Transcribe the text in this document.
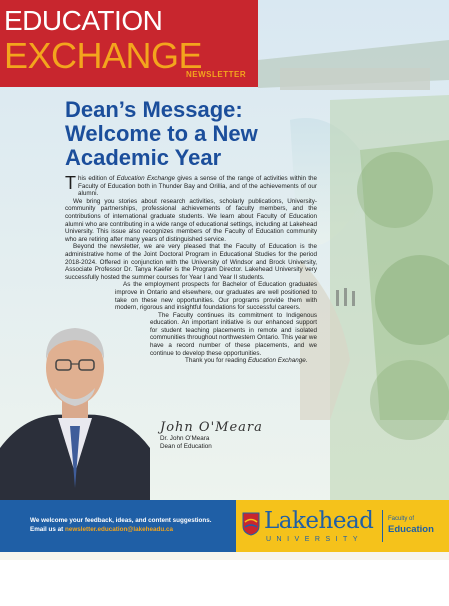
EDUCATION
EXCHANGE
NEWSLETTER
Dean’s Message:
Welcome to a New
Academic Year

This edition of Education Exchange gives a sense of the range of activities within the Faculty of Education both in Thunder Bay and Orillia, and of the achievements of our alumni.

We bring you stories about research activities, scholarly publications, University-community partnerships, professional achievements of faculty members, and the contributions of international graduate students. We learn about Faculty of Education alumni who are contributing in a wide range of educational settings, including at Lakehead University. This issue also recognizes members of the Faculty of Education community who are retiring after many years of distinguished service.

Beyond the newsletter, we are very pleased that the Faculty of Education is the administrative home of the Joint Doctoral Program in Educational Studies for the period 2018-2024. Offered in conjunction with the University of Windsor and Brock University, Associate Professor Dr. Tanya Kaefer is the Program Director. Lakehead University very successfully hosted the summer courses for Year I and Year II students.

As the employment prospects for Bachelor of Education graduates improve in Ontario and elsewhere, our graduates are well positioned to take on these new opportunities. Our programs provide them with modern, rigorous and insightful foundations for successful careers.

The Faculty continues its commitment to Indigenous education. An important initiative is our enhanced support for student teaching placements in remote and isolated communities throughout northwestern Ontario. This year we have a record number of these placements, and we continue to develop these opportunities.

Thank you for reading Education Exchange.

John O'Meara
Dr. John O’Meara
Dean of Education
We welcome your feedback, ideas, and content suggestions.
Email us at newsletter.education@lakeheadu.ca	Lakehead
UNIVERSITY
Faculty of
Education
